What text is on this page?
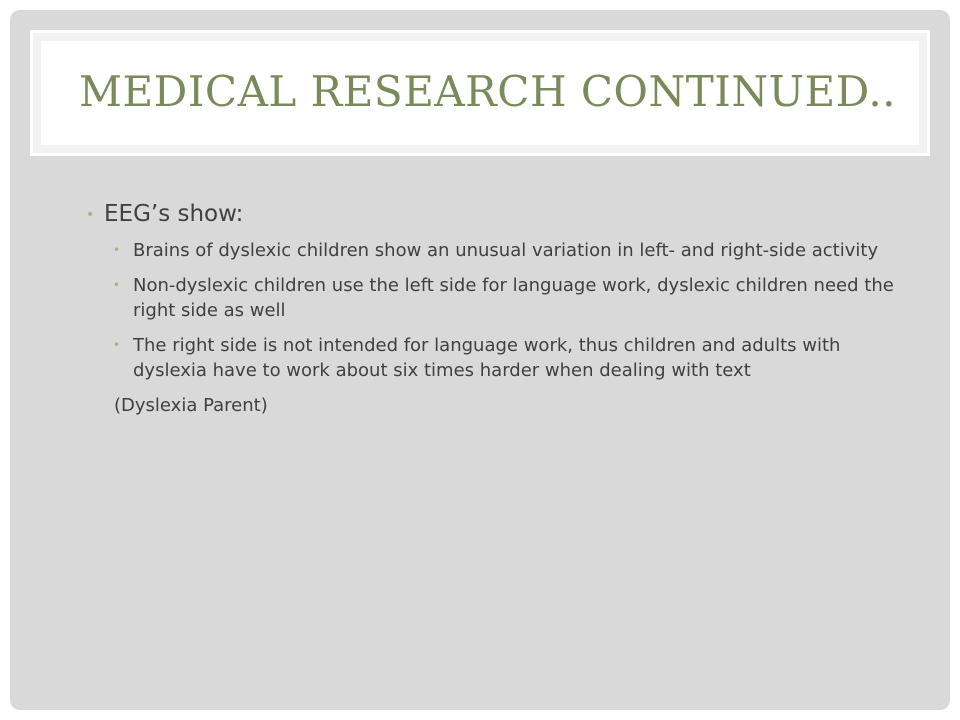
MEDICAL RESEARCH CONTINUED..
• EEG’s show:
• Brains of dyslexic children show an unusual variation in left- and right-side activity
• Non-dyslexic children use the left side for language work, dyslexic children need the right side as well
• The right side is not intended for language work, thus children and adults with dyslexia have to work about six times harder when dealing with text
(Dyslexia Parent)
